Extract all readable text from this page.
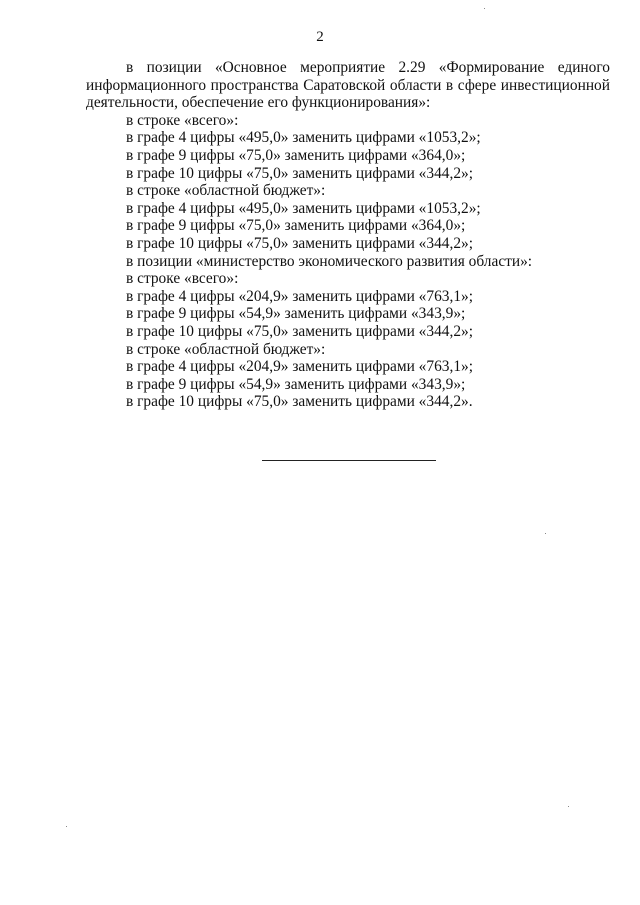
2

в позиции «Основное мероприятие 2.29 «Формирование единого информационного пространства Саратовской области в сфере инвестиционной деятельности, обеспечение его функционирования»:

в строке «всего»:

в графе 4 цифры «495,0» заменить цифрами «1053,2»;

в графе 9 цифры «75,0» заменить цифрами «364,0»;

в графе 10 цифры «75,0» заменить цифрами «344,2»;

в строке «областной бюджет»:

в графе 4 цифры «495,0» заменить цифрами «1053,2»;

в графе 9 цифры «75,0» заменить цифрами «364,0»;

в графе 10 цифры «75,0» заменить цифрами «344,2»;

в позиции «министерство экономического развития области»:

в строке «всего»:

в графе 4 цифры «204,9» заменить цифрами «763,1»;

в графе 9 цифры «54,9» заменить цифрами «343,9»;

в графе 10 цифры «75,0» заменить цифрами «344,2»;

в строке «областной бюджет»:

в графе 4 цифры «204,9» заменить цифрами «763,1»;

в графе 9 цифры «54,9» заменить цифрами «343,9»;

в графе 10 цифры «75,0» заменить цифрами «344,2».
